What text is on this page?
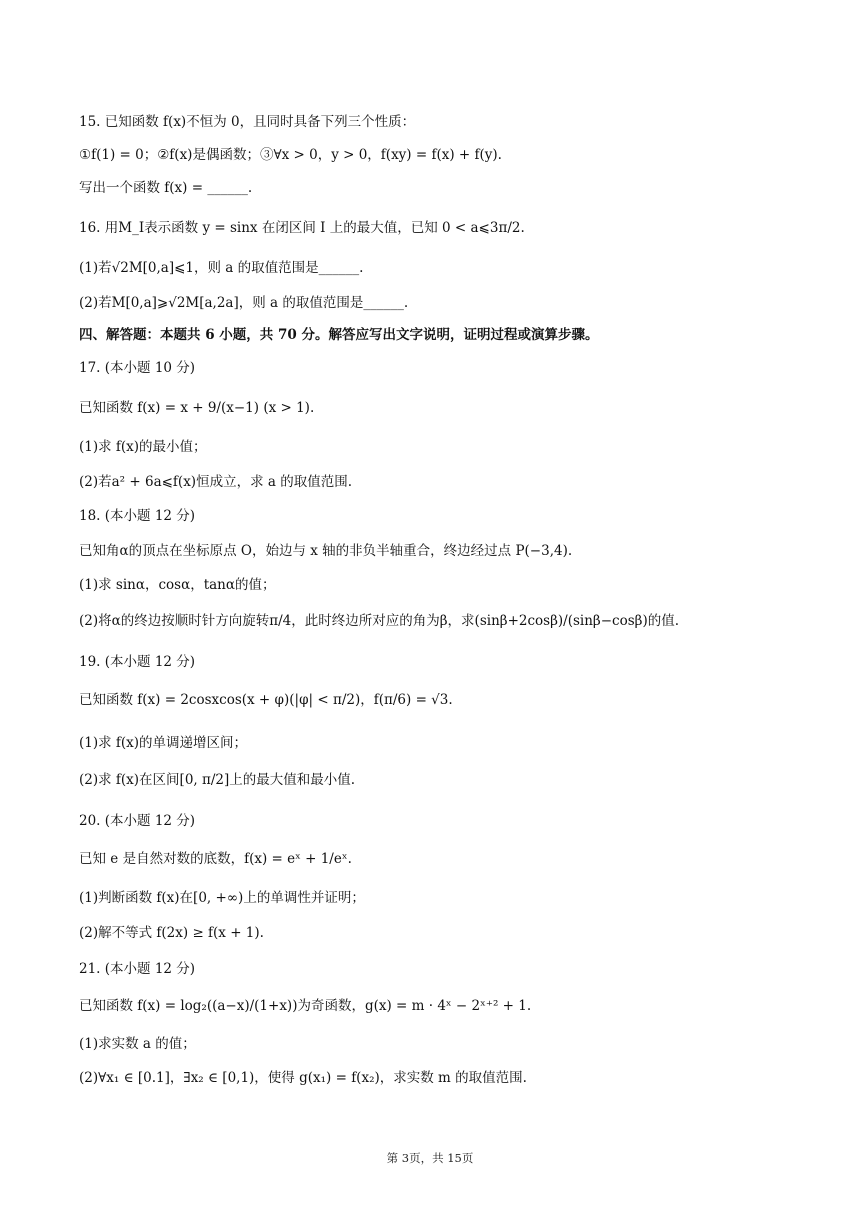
15. 已知函数 f(x)不恒为 0，且同时具备下列三个性质：
①f(1) = 0；②f(x)是偶函数；③∀x > 0，y > 0，f(xy) = f(x) + f(y).
写出一个函数 f(x) = ______.
16. 用M_I表示函数 y = sinx 在闭区间 I 上的最大值，已知 0 < a⩽3π/2.
(1)若√2M[0,a]⩽1，则 a 的取值范围是______.
(2)若M[0,a]⩾√2M[a,2a]，则 a 的取值范围是______.
四、解答题：本题共 6 小题，共 70 分。解答应写出文字说明，证明过程或演算步骤。
17. (本小题 10 分)
已知函数 f(x) = x + 9/(x−1) (x > 1).
(1)求 f(x)的最小值；
(2)若a² + 6a⩽f(x)恒成立，求 a 的取值范围.
18. (本小题 12 分)
已知角α的顶点在坐标原点 O，始边与 x 轴的非负半轴重合，终边经过点 P(−3,4).
(1)求 sinα，cosα，tanα的值；
(2)将α的终边按顺时针方向旋转π/4，此时终边所对应的角为β，求(sinβ+2cosβ)/(sinβ−cosβ)的值.
19. (本小题 12 分)
已知函数 f(x) = 2cosxcos(x + φ)(|φ| < π/2)，f(π/6) = √3.
(1)求 f(x)的单调递增区间；
(2)求 f(x)在区间[0, π/2]上的最大值和最小值.
20. (本小题 12 分)
已知 e 是自然对数的底数，f(x) = eˣ + 1/eˣ.
(1)判断函数 f(x)在[0, +∞)上的单调性并证明；
(2)解不等式 f(2x) ≥ f(x + 1).
21. (本小题 12 分)
已知函数 f(x) = log₂((a−x)/(1+x))为奇函数，g(x) = m · 4ˣ − 2ˣ⁺² + 1.
(1)求实数 a 的值；
(2)∀x₁ ∈ [0.1]，∃x₂ ∈ [0,1)，使得 g(x₁) = f(x₂)，求实数 m 的取值范围.
第 3页，共 15页
